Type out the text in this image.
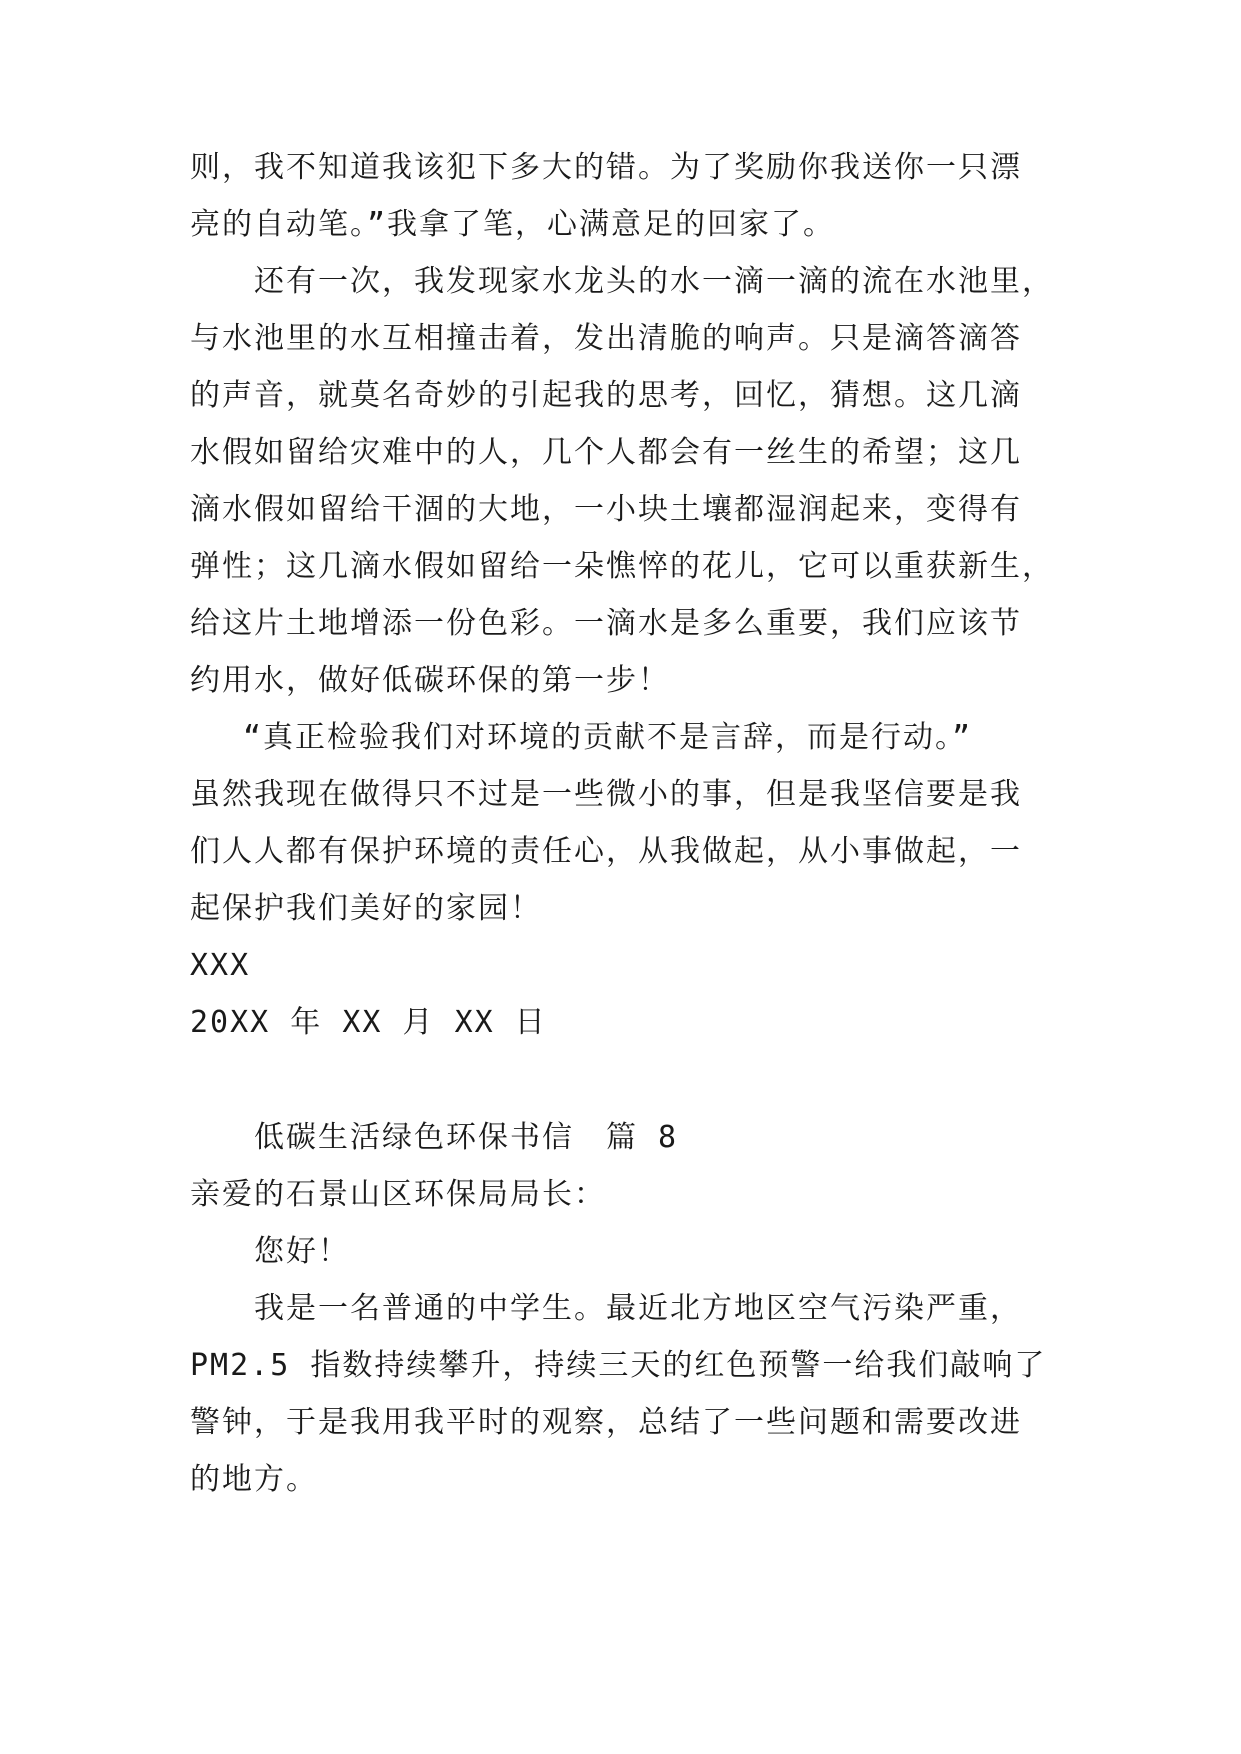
则，我不知道我该犯下多大的错。为了奖励你我送你一只漂
亮的自动笔。”我拿了笔，心满意足的回家了。
还有一次，我发现家水龙头的水一滴一滴的流在水池里，
与水池里的水互相撞击着，发出清脆的响声。只是滴答滴答
的声音，就莫名奇妙的引起我的思考，回忆，猜想。这几滴
水假如留给灾难中的人，几个人都会有一丝生的希望；这几
滴水假如留给干涸的大地，一小块土壤都湿润起来，变得有
弹性；这几滴水假如留给一朵憔悴的花儿，它可以重获新生，
给这片土地增添一份色彩。一滴水是多么重要，我们应该节
约用水，做好低碳环保的第一步！
“真正检验我们对环境的贡献不是言辞，而是行动。”
虽然我现在做得只不过是一些微小的事，但是我坚信要是我
们人人都有保护环境的责任心，从我做起，从小事做起，一
起保护我们美好的家园！
XXX
20XX 年 XX 月 XX 日
低碳生活绿色环保书信　篇 8
亲爱的石景山区环保局局长：
您好！
我是一名普通的中学生。最近北方地区空气污染严重，
PM2.5 指数持续攀升，持续三天的红色预警一给我们敲响了
警钟，于是我用我平时的观察，总结了一些问题和需要改进
的地方。
